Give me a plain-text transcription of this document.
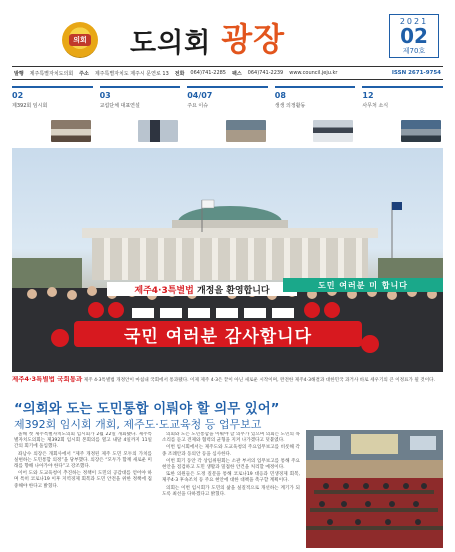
의회 도의회 광장	2021
02
제70호
발행 제주특별자치도의회 주소 제주특별자치도 제주시 문연로 13 전화 064)741-2285 팩스 064)741-2239 www.council.jeju.kr	ISSN 2671-9754
02
제392회 임시회
03
교섭단체 대표연설
04/07
주요 이슈
08
생생 의정활동
12
사무처 소식
제주4·3특별법
개정을 환영합니다
도민 여러분 미 합니다
국민 여러분 감사합니다
제주4·3특별법 국회통과 제주 4·3특별법 개정안이 마침내 국회에서 통과됐다. 이제 제주 4·3은 끝이 아닌 새로운 시작이며, 완전한 제주4·3해결과 대한민국 과거사 바로 세우기의 큰 이정표가 될 것이다.
“의회와 도는 도민통합 이뤄야 할 의무 있어”
제392회 임시회 개회, 제주도·도교육청 등 업무보고

올해 첫 제주특별자치도의회 임시회가 2월 22일 개회됐다. 제주특별자치도의회는 제392회 임시회 본회의를 열고 내달 4일까지 11일간의 회기에 돌입했다.

좌남수 의장은 개회사에서 “제주 개정된 제주 도민 모두의 가치를 실현하는 도민통합 의정”을 당부했다. 의장은 “모두가 함께 새로운 미래를 향해 나아가야 한다”고 강조했다.

이어 도와 도교육청이 추진하는 정책이 도민의 공감대를 얻어야 하며 특히 코로나19 이후 지역경제 회복과 도민 안전을 위한 정책에 집중해야 한다고 밝혔다.

의회와 도는 도민통합을 이뤄야 할 의무가 있으며 의회는 도민의 목소리를 듣고 견제와 협력의 균형을 지켜 나가겠다고 덧붙였다.

이번 임시회에서는 제주도와 도교육청의 주요업무보고를 비롯해 각종 조례안과 동의안 등을 심사한다.

이번 회기 동안 각 상임위원회는 소관 부서의 업무보고를 통해 주요 현안을 점검하고 도민 생활과 밀접한 안건을 처리할 예정이다.

또한 의원들은 도정 질문을 통해 코로나19 대응과 민생경제 회복, 제주4·3 후속조치 등 주요 현안에 대한 대책을 촉구할 계획이다.

의회는 이번 임시회가 도민의 삶을 실질적으로 개선하는 계기가 되도록 최선을 다하겠다고 밝혔다.
